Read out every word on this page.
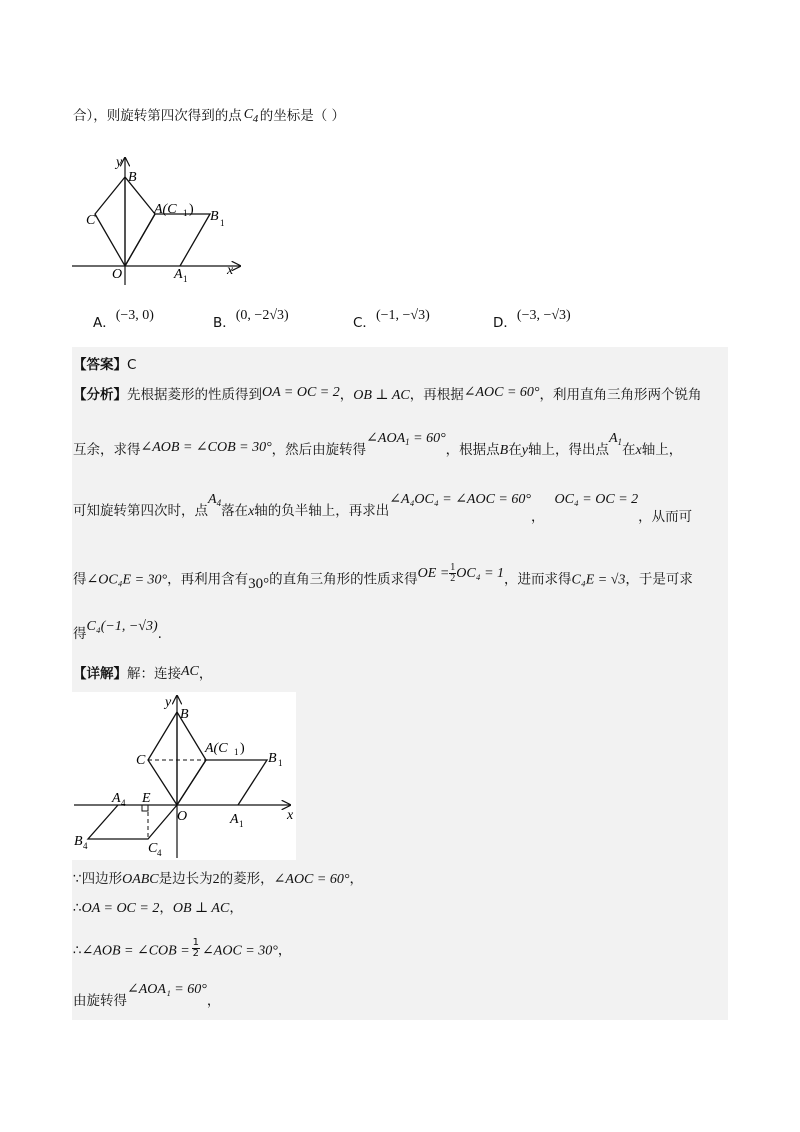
合），则旋转第四次得到的点 C 4 的坐标是（ ）
y
B
C
A(C 1 ) B 1
O	A 1
x
A．(−3, 0)	B．(0, −2√3)	C．(−1, −√3)	D．(−3, −√3)
【答案】C
【分析】先根据菱形的性质得到OA = OC = 2，OB ⊥ AC，再根据∠AOC = 60°，利用直角三角形两个锐角
互余，求得∠AOB = ∠COB = 30°，然后由旋转得$\angle AOA_1 = 60^\circ$，根据点B在y轴上，得出点$A_1$在x轴上，
可知旋转第四次时，点$A_4$落在x轴的负半轴上，再求出∠A₄OC₄ = ∠AOC = 60°，OC₄ = OC = 2，从而可
得∠OC₄E = 30°，再利用含有30°的直角三角形的性质求得OE = $\frac{1}{2} OC_4 = 1$，进而求得C₄E = √3，于是可求
得C₄(−1, −√3).
【详解】解：连接AC，
y
B
C
A(C 1 )
B 1
O	A 1
x
A 4 E
B 4	C 4
∵四边形OABC是边长为2的菱形，∠AOC = 60°，
∴OA = OC = 2，OB ⊥ AC，
∴∠AOB = ∠COB = $\frac{1}{2}$ ∠AOC = 30°，
由旋转得∠AOA₁ = 60°，
